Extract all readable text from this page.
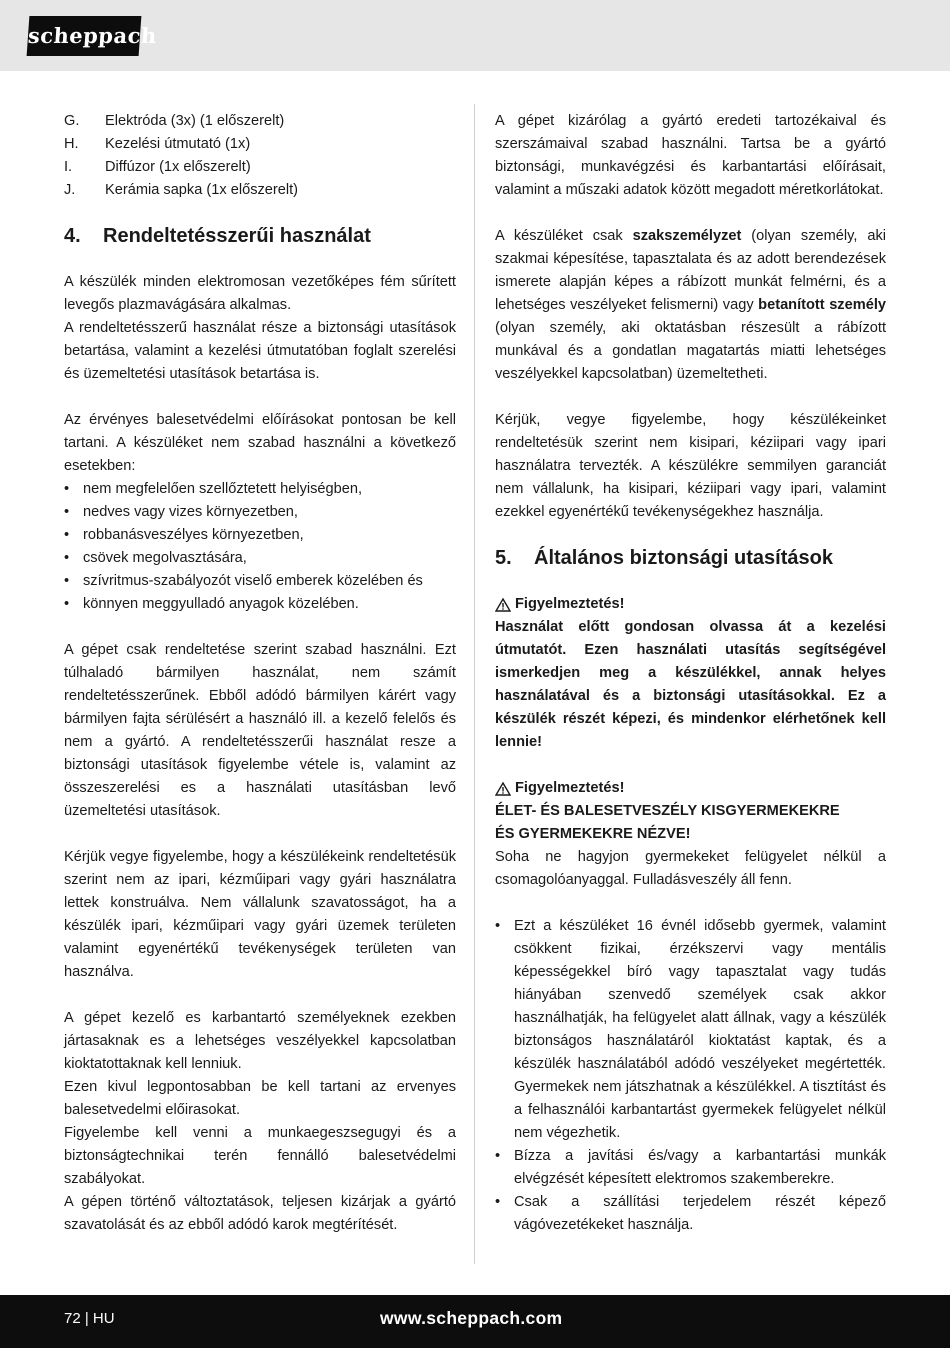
scheppach
G.	Elektróda (3x) (1 előszerelt)
H.	Kezelési útmutató (1x)
I.	Diffúzor (1x előszerelt)
J.	Kerámia sapka (1x előszerelt)
4.	Rendeltetésszerűi használat

A készülék minden elektromosan vezetőképes fém sűrített levegős plazmavágására alkalmas.

A rendeltetésszerű használat része a biztonsági utasítások betartása, valamint a kezelési útmutatóban foglalt szerelési és üzemeltetési utasítások betartása is.

Az érvényes balesetvédelmi előírásokat pontosan be kell tartani. A készüléket nem szabad használni a következő esetekben:

• nem megfelelően szellőztetett helyiségben,
• nedves vagy vizes környezetben,
• robbanásveszélyes környezetben,
• csövek megolvasztására,
• szívritmus-szabályozót viselő emberek közelében és
• könnyen meggyulladó anyagok közelében.

A gépet csak rendeltetése szerint szabad használni. Ezt túlhaladó bármilyen használat, nem számít rendeltetésszerűnek. Ebből adódó bármilyen kárért vagy bármilyen fajta sérülésért a használó ill. a kezelő felelős és nem a gyártó. A rendeltetésszerűi használat resze a biztonsági utasítások figyelembe vétele is, valamint az összeszerelési es a használati utasításban levő üzemeltetési utasítások.

Kérjük vegye figyelembe, hogy a készülékeink rendeltetésük szerint nem az ipari, kézműipari vagy gyári használatra lettek konstruálva. Nem vállalunk szavatosságot, ha a készülék ipari, kézműipari vagy gyári üzemek területen valamint egyenértékű tevékenységek területen van használva.

A gépet kezelő es karbantartó személyeknek ezekben jártasaknak es a lehetséges veszélyekkel kapcsolatban kioktatottaknak kell lenniuk.

Ezen kivul legpontosabban be kell tartani az ervenyes balesetvedelmi előirasokat.

Figyelembe kell venni a munkaegeszsegugyi és a biztonságtechnikai terén fennálló balesetvédelmi szabályokat.

A gépen történő változtatások, teljesen kizárjak a gyártó szavatolását és az ebből adódó karok megtérítését.

A gépet kizárólag a gyártó eredeti tartozékaival és szerszámaival szabad használni. Tartsa be a gyártó biztonsági, munkavégzési és karbantartási előírásait, valamint a műszaki adatok között megadott méretkorlátokat.

A készüléket csak szakszemélyzet (olyan személy, aki szakmai képesítése, tapasztalata és az adott berendezések ismerete alapján képes a rábízott munkát felmérni, és a lehetséges veszélyeket felismerni) vagy betanított személy (olyan személy, aki oktatásban részesült a rábízott munkával és a gondatlan magatartás miatti lehetséges veszélyekkel kapcsolatban) üzemeltetheti.

Kérjük, vegye figyelembe, hogy készülékeinket rendeltetésük szerint nem kisipari, kéziipari vagy ipari használatra tervezték. A készülékre semmilyen garanciát nem vállalunk, ha kisipari, kéziipari vagy ipari, valamint ezekkel egyenértékű tevékenységekhez használja.

5.	Általános biztonsági utasítások
Figyelmeztetés!

Használat előtt gondosan olvassa át a kezelési útmutatót. Ezen használati utasítás segítségével ismerkedjen meg a készülékkel, annak helyes használatával és a biztonsági utasításokkal. Ez a készülék részét képezi, és mindenkor elérhetőnek kell lennie!

Figyelmeztetés!

ÉLET- ÉS BALESETVESZÉLY KISGYERMEKEKRE

ÉS GYERMEKEKRE NÉZVE!

Soha ne hagyjon gyermekeket felügyelet nélkül a csomagolóanyaggal. Fulladásveszély áll fenn.

• Ezt a készüléket 16 évnél idősebb gyermek, valamint csökkent fizikai, érzékszervi vagy mentális képességekkel bíró vagy tapasztalat vagy tudás hiányában szenvedő személyek csak akkor használhatják, ha felügyelet alatt állnak, vagy a készülék biztonságos használatáról kioktatást kaptak, és a készülék használatából adódó veszélyeket megértették. Gyermekek nem játszhatnak a készülékkel. A tisztítást és a felhasználói karbantartást gyermekek felügyelet nélkül nem végezhetik.
• Bízza a javítási és/vagy a karbantartási munkák elvégzését képesített elektromos szakemberekre.
• Csak a szállítási terjedelem részét képező vágóvezetékeket használja.
72 | HU	www.scheppach.com
